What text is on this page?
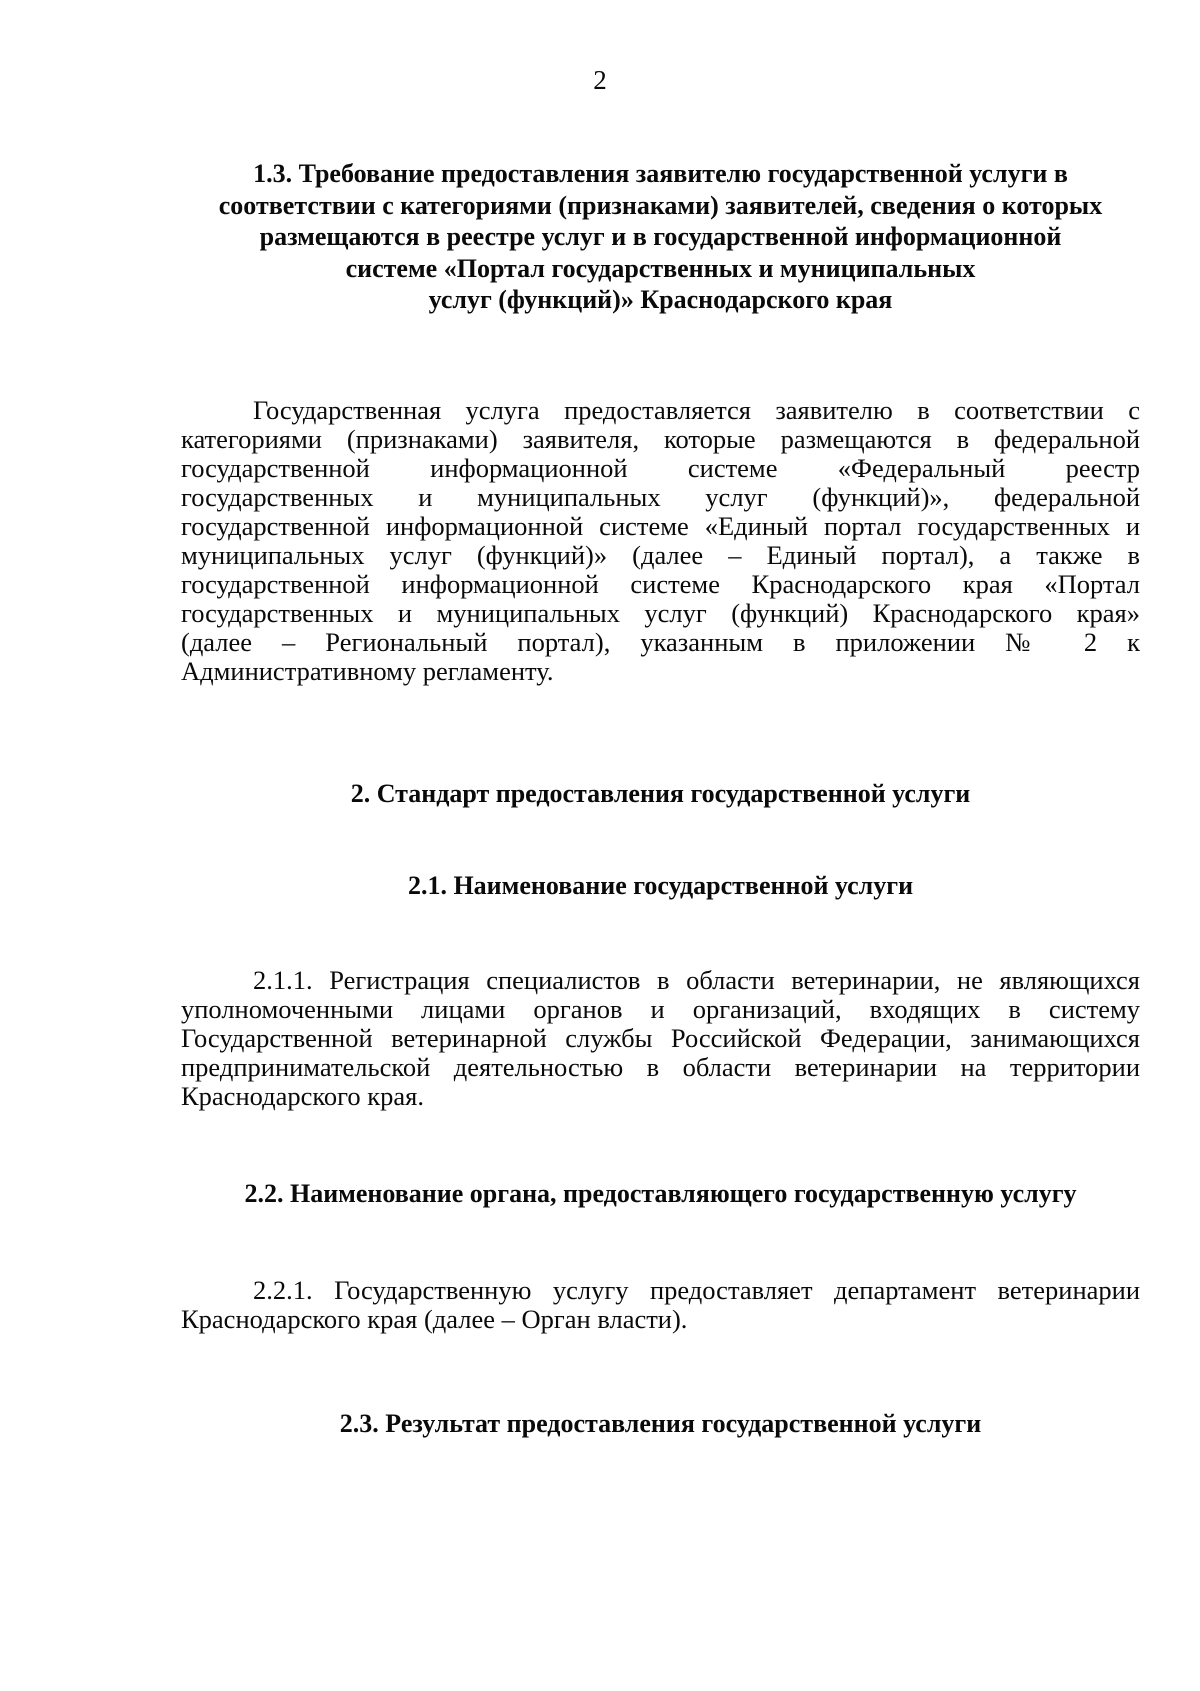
2
1.3. Требование предоставления заявителю государственной услуги в
соответствии с категориями (признаками) заявителей, сведения о которых
размещаются в реестре услуг и в государственной информационной
системе «Портал государственных и муниципальных
услуг (функций)» Краснодарского края
Государственная услуга предоставляется заявителю в соответствии с
категориями (признаками) заявителя, которые размещаются в федеральной
государственной информационной системе «Федеральный реестр
государственных и муниципальных услуг (функций)», федеральной
государственной информационной системе «Единый портал государственных и
муниципальных услуг (функций)» (далее – Единый портал), а также в
государственной информационной системе Краснодарского края «Портал
государственных и муниципальных услуг (функций) Краснодарского края»
(далее – Региональный портал), указанным в приложении № 2 к
Административному регламенту.
2. Стандарт предоставления государственной услуги
2.1. Наименование государственной услуги
2.1.1. Регистрация специалистов в области ветеринарии, не являющихся
уполномоченными лицами органов и организаций, входящих в систему
Государственной ветеринарной службы Российской Федерации, занимающихся
предпринимательской деятельностью в области ветеринарии на территории
Краснодарского края.
2.2. Наименование органа, предоставляющего государственную услугу
2.2.1. Государственную услугу предоставляет департамент ветеринарии
Краснодарского края (далее – Орган власти).
2.3. Результат предоставления государственной услуги
